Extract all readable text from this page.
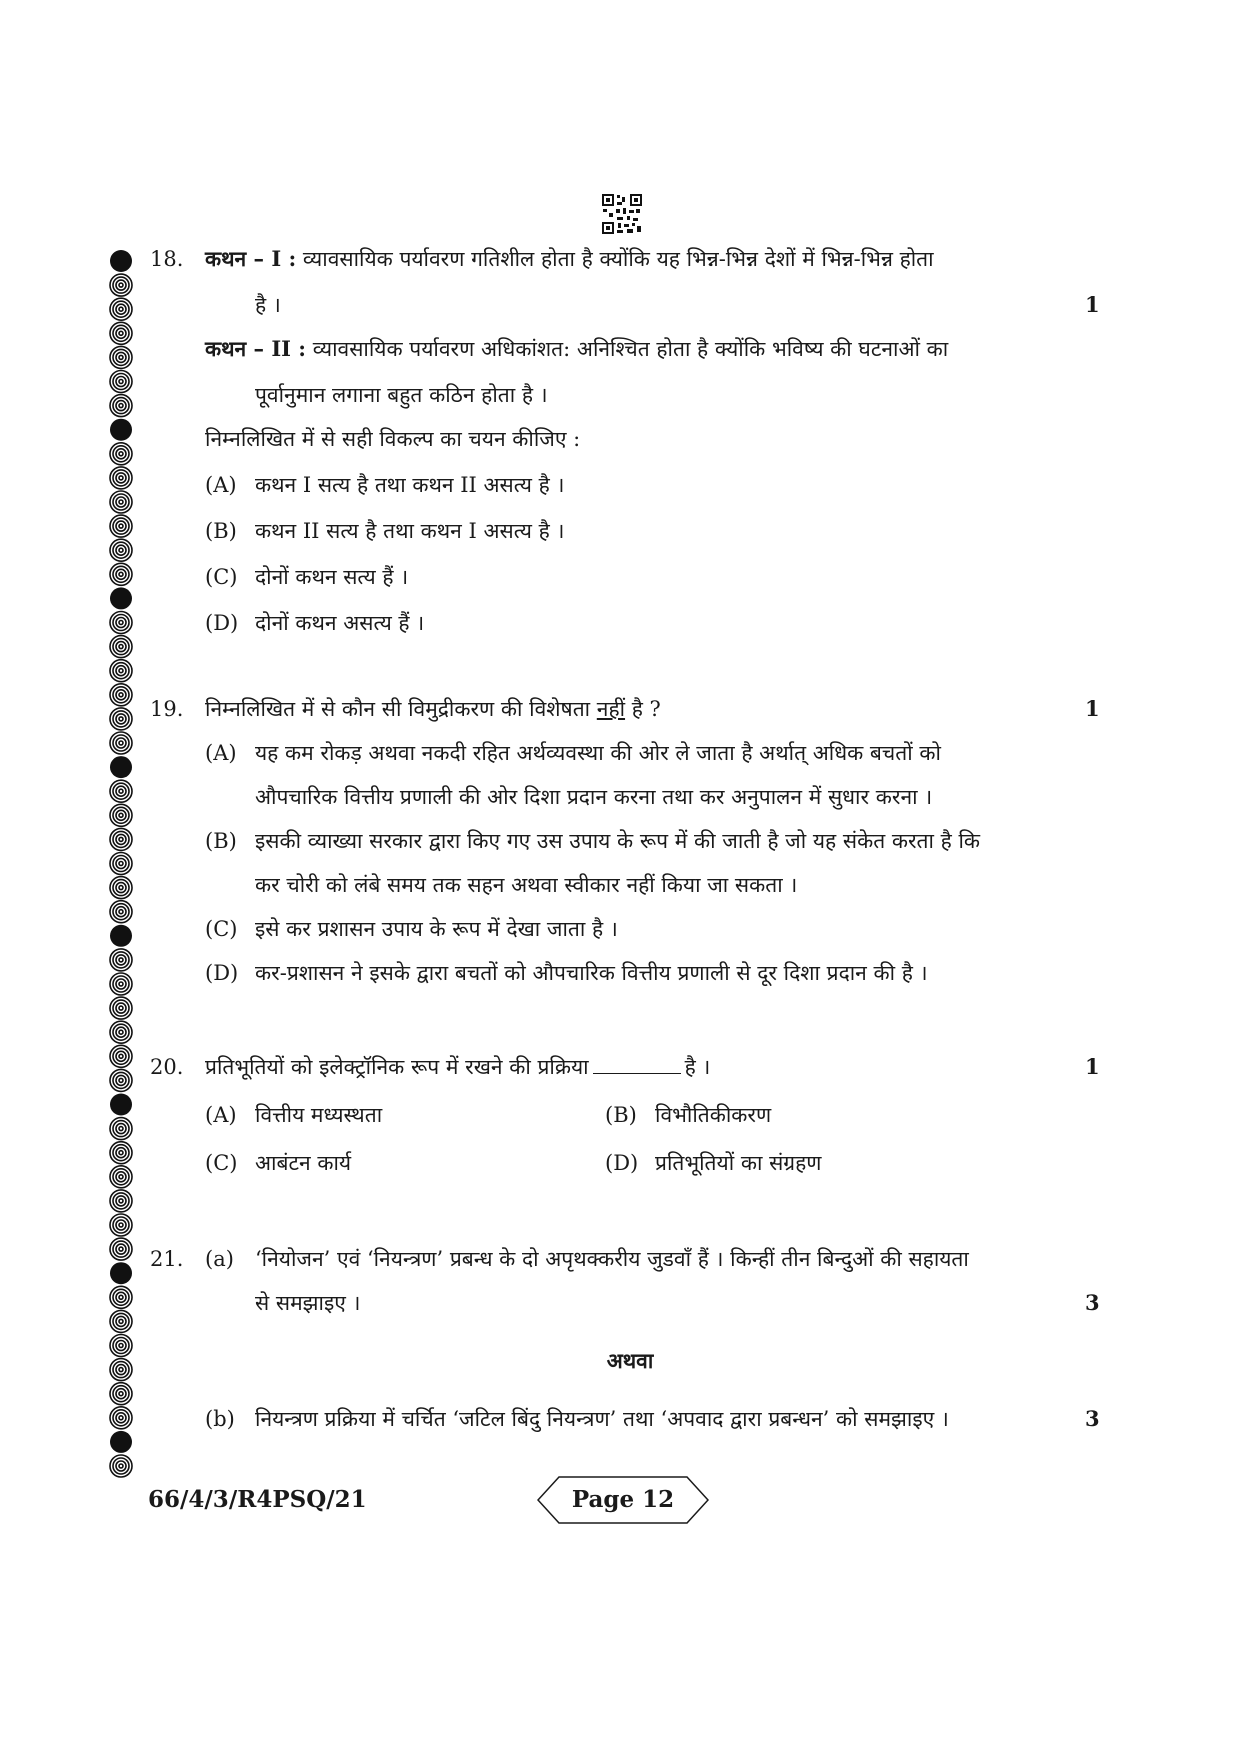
18.	कथन – I : व्यावसायिक पर्यावरण गतिशील होता है क्योंकि यह भिन्न-भिन्न देशों में भिन्न-भिन्न होता
है ।	1
कथन – II : व्यावसायिक पर्यावरण अधिकांशत: अनिश्चित होता है क्योंकि भविष्य की घटनाओं का
पूर्वानुमान लगाना बहुत कठिन होता है ।
निम्नलिखित में से सही विकल्प का चयन कीजिए :
(A) कथन I सत्य है तथा कथन II असत्य है ।
(B) कथन II सत्य है तथा कथन I असत्य है ।
(C) दोनों कथन सत्य हैं ।
(D) दोनों कथन असत्य हैं ।
19.	निम्नलिखित में से कौन सी विमुद्रीकरण की विशेषता नहीं है ?	1
(A) यह कम रोकड़ अथवा नकदी रहित अर्थव्यवस्था की ओर ले जाता है अर्थात् अधिक बचतों को
औपचारिक वित्तीय प्रणाली की ओर दिशा प्रदान करना तथा कर अनुपालन में सुधार करना ।
(B) इसकी व्याख्या सरकार द्वारा किए गए उस उपाय के रूप में की जाती है जो यह संकेत करता है कि
कर चोरी को लंबे समय तक सहन अथवा स्वीकार नहीं किया जा सकता ।
(C) इसे कर प्रशासन उपाय के रूप में देखा जाता है ।
(D) कर-प्रशासन ने इसके द्वारा बचतों को औपचारिक वित्तीय प्रणाली से दूर दिशा प्रदान की है ।
20.	प्रतिभूतियों को इलेक्ट्रॉनिक रूप में रखने की प्रक्रिया	है ।	1
(A) वित्तीय मध्यस्थता	(B) विभौतिकीकरण
(C) आबंटन कार्य	(D) प्रतिभूतियों का संग्रहण
21.	(a)	‘नियोजन’ एवं ‘नियन्त्रण’ प्रबन्ध के दो अपृथक्करीय जुडवाँ हैं । किन्हीं तीन बिन्दुओं की सहायता
से समझाइए ।	3
अथवा
(b) नियन्त्रण प्रक्रिया में चर्चित ‘जटिल बिंदु नियन्त्रण’ तथा ‘अपवाद द्वारा प्रबन्धन’ को समझाइए ।	3
66/4/3/R4PSQ/21	Page 12
